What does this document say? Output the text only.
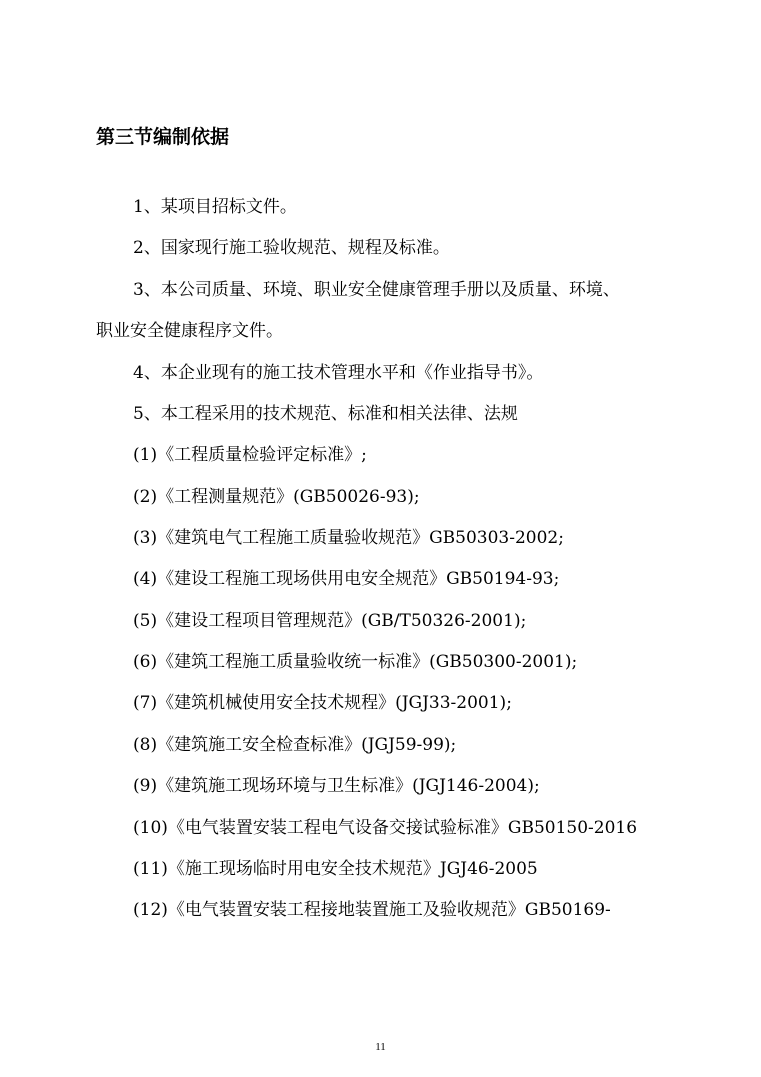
第三节编制依据
1、某项目招标文件。
2、国家现行施工验收规范、规程及标准。
3、本公司质量、环境、职业安全健康管理手册以及质量、环境、
职业安全健康程序文件。
4、本企业现有的施工技术管理水平和《作业指导书》。
5、本工程采用的技术规范、标准和相关法律、法规
(1)《工程质量检验评定标准》;
(2)《工程测量规范》(GB50026-93);
(3)《建筑电气工程施工质量验收规范》GB50303-2002;
(4)《建设工程施工现场供用电安全规范》GB50194-93;
(5)《建设工程项目管理规范》(GB/T50326-2001);
(6)《建筑工程施工质量验收统一标准》(GB50300-2001);
(7)《建筑机械使用安全技术规程》(JGJ33-2001);
(8)《建筑施工安全检查标准》(JGJ59-99);
(9)《建筑施工现场环境与卫生标准》(JGJ146-2004);
(10)《电气装置安装工程电气设备交接试验标准》GB50150-2016
(11)《施工现场临时用电安全技术规范》JGJ46-2005
(12)《电气装置安装工程接地装置施工及验收规范》GB50169-
11
